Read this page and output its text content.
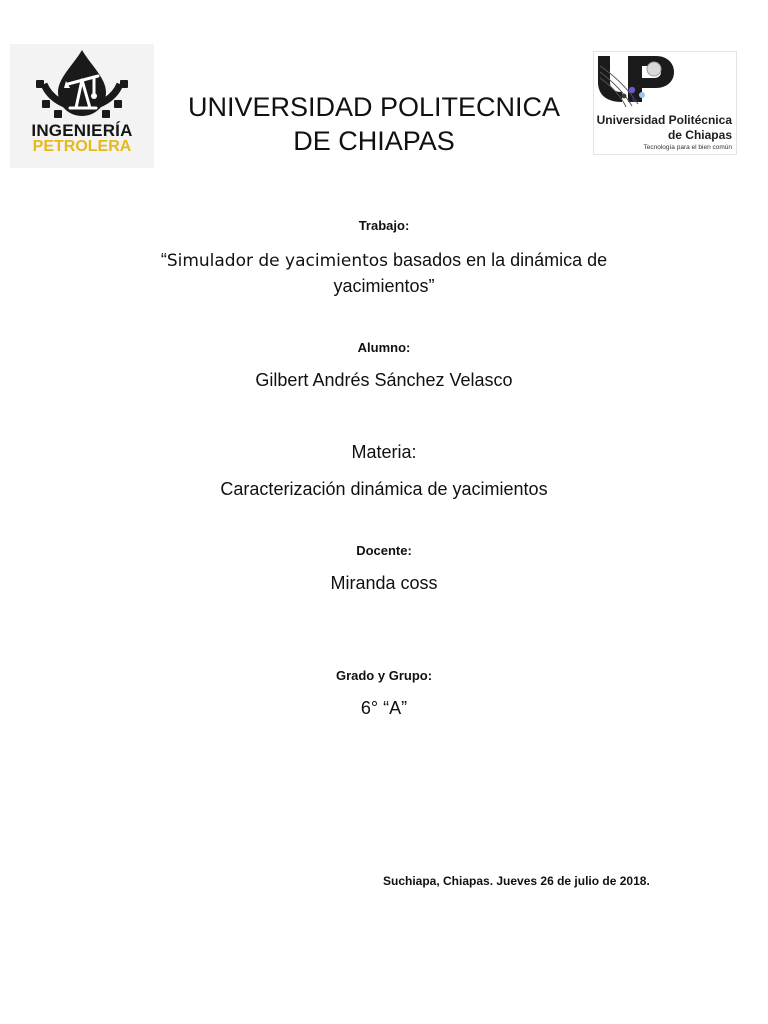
INGENIERÍA
PETROLERA
UNIVERSIDAD POLITECNICA
DE CHIAPAS
Universidad Politécnica
de Chiapas
Tecnología para el bien común
Trabajo:
“Simulador de yacimientos basados en la dinámica de yacimientos”
Alumno:
Gilbert Andrés Sánchez Velasco
Materia:
Caracterización dinámica de yacimientos
Docente:
Miranda coss
Grado y Grupo:
6° “A”
Suchiapa, Chiapas. Jueves 26 de julio de 2018.
